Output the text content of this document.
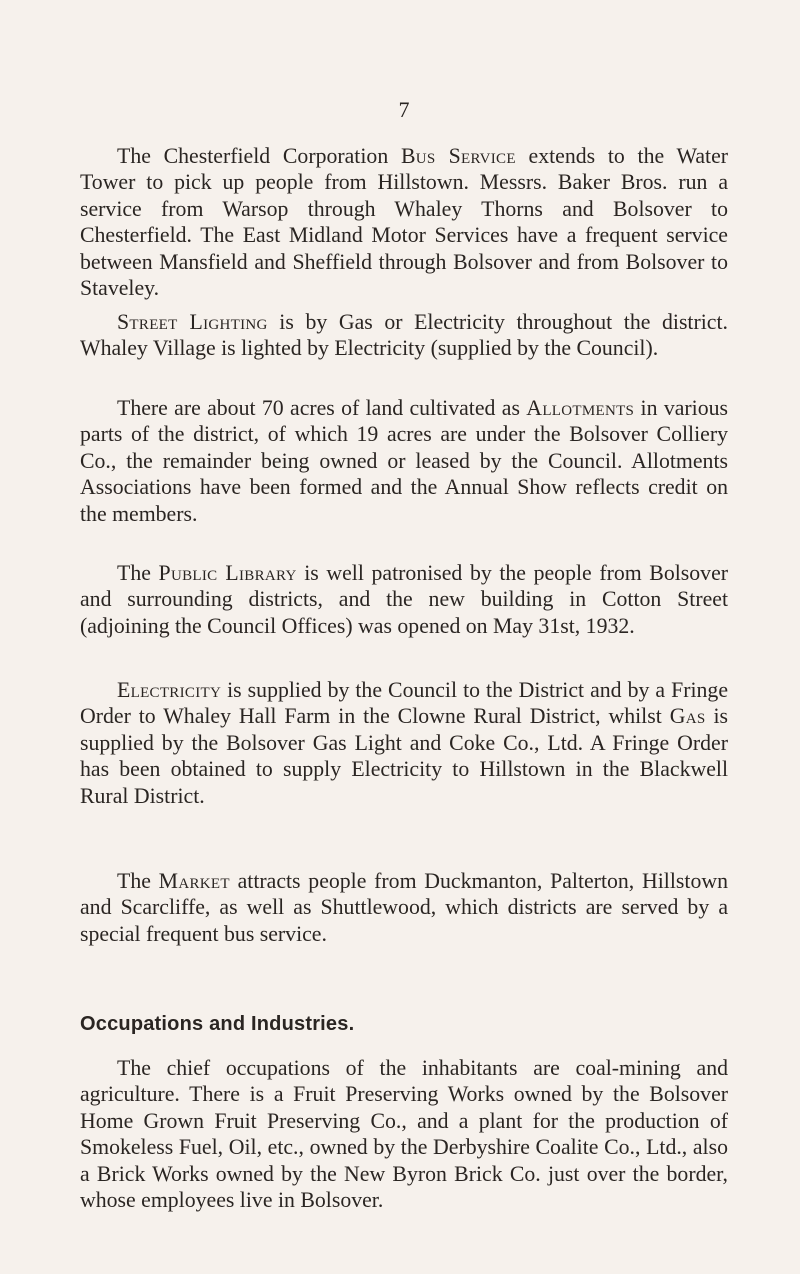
7

The Chesterfield Corporation Bus Service extends to the Water Tower to pick up people from Hillstown. Messrs. Baker Bros. run a service from Warsop through Whaley Thorns and Bolsover to Chesterfield. The East Midland Motor Services have a frequent service between Mansfield and Sheffield through Bolsover and from Bolsover to Staveley.

Street Lighting is by Gas or Electricity throughout the district. Whaley Village is lighted by Electricity (supplied by the Council).

There are about 70 acres of land cultivated as Allotments in various parts of the district, of which 19 acres are under the Bolsover Colliery Co., the remainder being owned or leased by the Council. Allotments Associations have been formed and the Annual Show reflects credit on the members.

The Public Library is well patronised by the people from Bolsover and surrounding districts, and the new building in Cotton Street (adjoining the Council Offices) was opened on May 31st, 1932.

Electricity is supplied by the Council to the District and by a Fringe Order to Whaley Hall Farm in the Clowne Rural District, whilst Gas is supplied by the Bolsover Gas Light and Coke Co., Ltd. A Fringe Order has been obtained to supply Electricity to Hillstown in the Blackwell Rural District.

The Market attracts people from Duckmanton, Palterton, Hillstown and Scarcliffe, as well as Shuttlewood, which districts are served by a special frequent bus service.

Occupations and Industries.

The chief occupations of the inhabitants are coal-mining and agriculture. There is a Fruit Preserving Works owned by the Bolsover Home Grown Fruit Preserving Co., and a plant for the production of Smokeless Fuel, Oil, etc., owned by the Derbyshire Coalite Co., Ltd., also a Brick Works owned by the New Byron Brick Co. just over the border, whose employees live in Bolsover.
